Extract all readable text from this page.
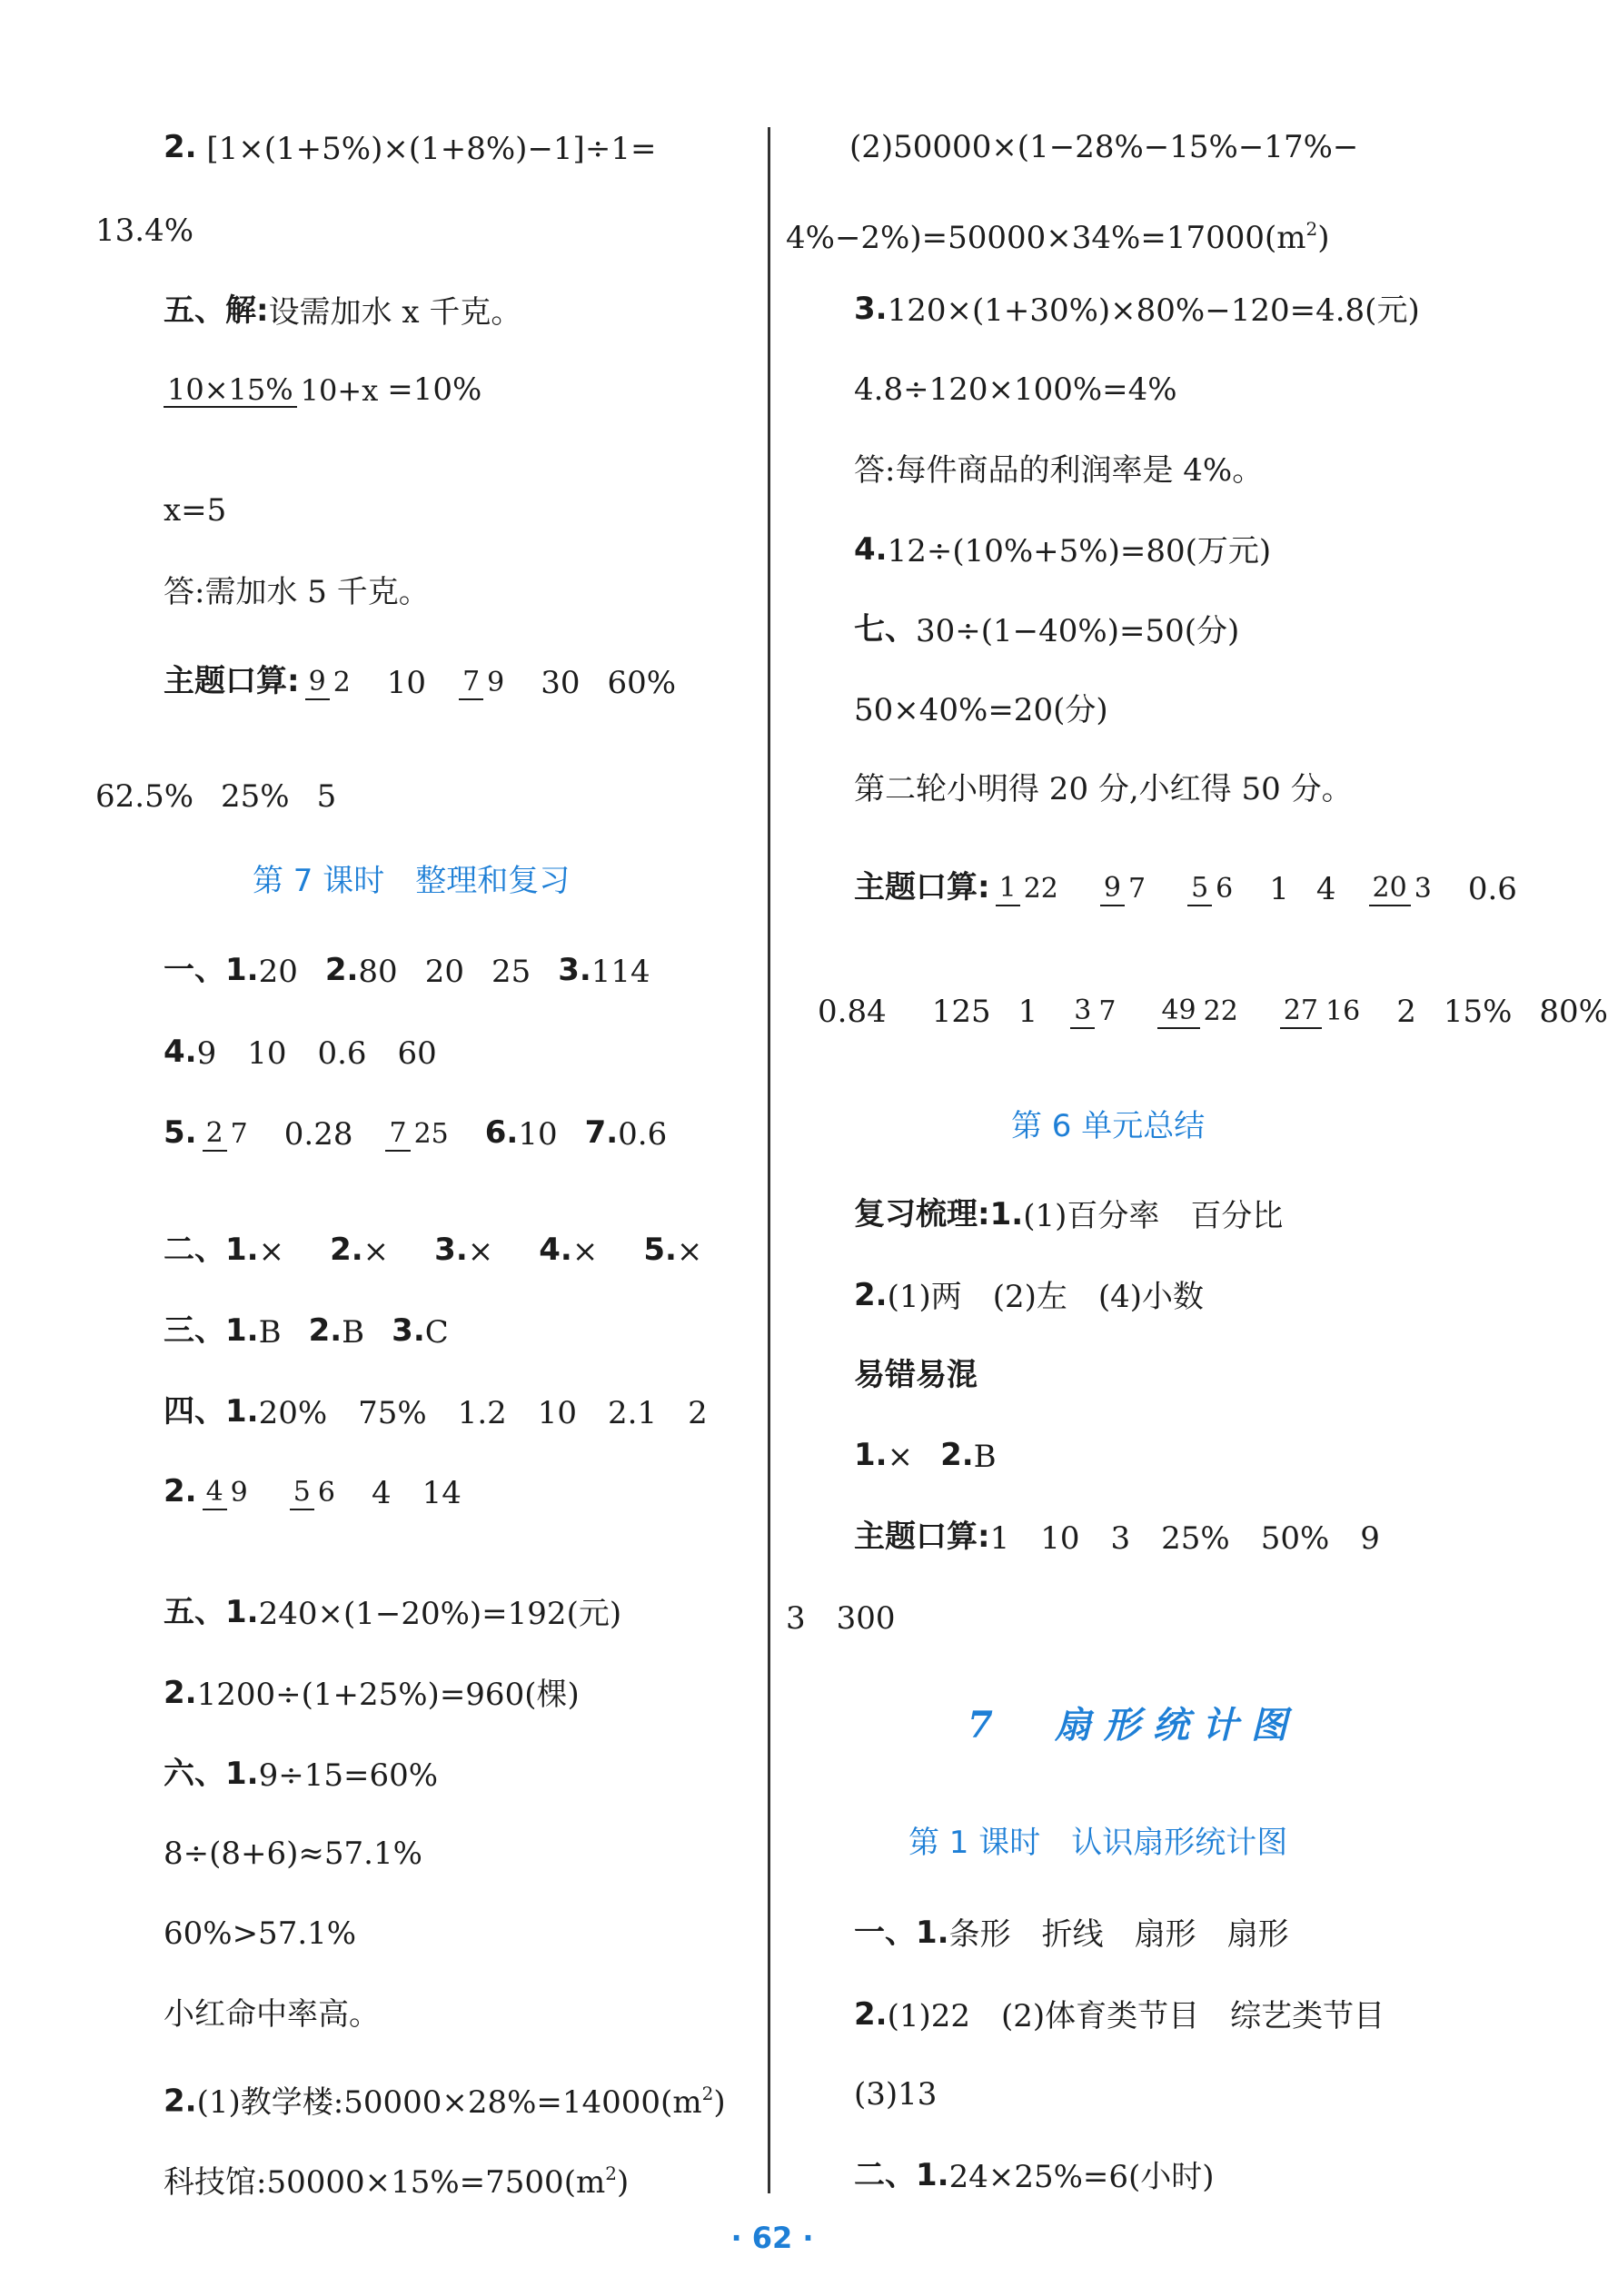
2. [1×(1+5%)×(1+8%)−1]÷1=
13.4%
五、解:设需加水 x 千克。
10×15% 10+x =10%
x=5
答:需加水 5 千克。
主题口算: 9 2 10 7 9 30 60%
62.5% 25% 5
第 7 课时　整理和复习
一、1.20 2.80 20 25 3.114
4.9　10　0.6　60
5. 2 7 0.28 7 25 6.10 7.0.6
二、1.× 2.× 3.× 4.× 5.×
三、1.B 2.B 3.C
四、1.20%　75%　1.2　10　2.1　2
2. 4 9 5 6 4　14
五、1.240×(1−20%)=192(元)
2.1200÷(1+25%)=960(棵)
六、1.9÷15=60%
8÷(8+6)≈57.1%
60%>57.1%
小红命中率高。
2.(1)教学楼$:50000\times 28\%=14000(m^2)$
科技馆$:50000\times 15\%=7500(m^2)$
(2)50000×(1−28%−15%−17%−
$4\%-2\%)=50000\times 34\%=17000(m^2)$
3.120×(1+30%)×80%−120=4.8(元)
4.8÷120×100%=4%
答:每件商品的利润率是 4%。
4.12÷(10%+5%)=80(万元)
七、30÷(1−40%)=50(分)
50×40%=20(分)
第二轮小明得 20 分,小红得 50 分。
主题口算: 1 22 9 7 5 6 1 4 20 3 0.6
0.84 125 1 3 7 49 22 27 16 2 15% 80%
第 6 单元总结
复习梳理:1.(1)百分率　百分比
2.(1)两　(2)左　(4)小数
易错易混
1.× 2.B
主题口算:1　10　3　25%　50%　9
3　300
7　扇形统计图
第 1 课时　认识扇形统计图
一、1.条形　折线　扇形　扇形
2.(1)22　(2)体育类节目　综艺类节目
(3)13
二、1.24×25%=6(小时)
· 62 ·
